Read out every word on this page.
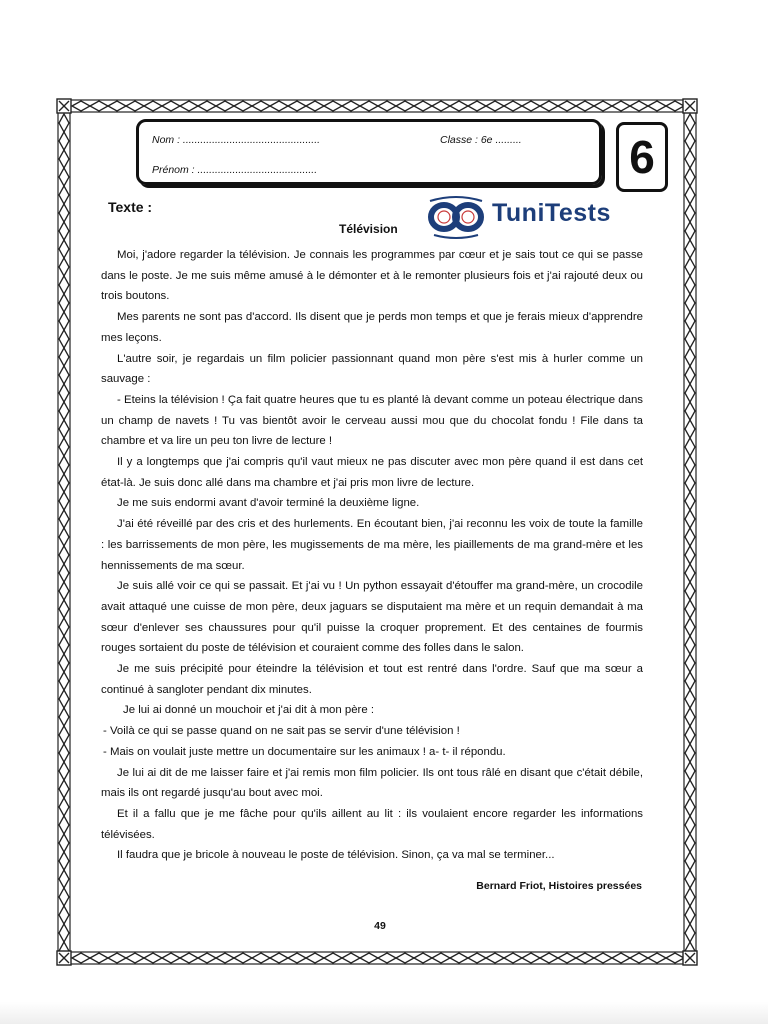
Nom : ...............................................	Classe : 6e .........
Prénom : .........................................	6
Texte :
Télévision
TuniTests

Moi, j'adore regarder la télévision. Je connais les programmes par cœur et je sais tout ce qui se passe dans le poste. Je me suis même amusé à le démonter et à le remonter plusieurs fois et j'ai rajouté deux ou trois boutons.

Mes parents ne sont pas d'accord. Ils disent que je perds mon temps et que je ferais mieux d'apprendre mes leçons.

L'autre soir, je regardais un film policier passionnant quand mon père s'est mis à hurler comme un sauvage :

- Eteins la télévision ! Ça fait quatre heures que tu es planté là devant comme un poteau électrique dans un champ de navets ! Tu vas bientôt avoir le cerveau aussi mou que du chocolat fondu ! File dans ta chambre et va lire un peu ton livre de lecture !

Il y a longtemps que j'ai compris qu'il vaut mieux ne pas discuter avec mon père quand il est dans cet état-là. Je suis donc allé dans ma chambre et j'ai pris mon livre de lecture.

Je me suis endormi avant d'avoir terminé la deuxième ligne.

J'ai été réveillé par des cris et des hurlements. En écoutant bien, j'ai reconnu les voix de toute la famille : les barrissements de mon père, les mugissements de ma mère, les piaillements de ma grand-mère et les hennissements de ma sœur.

Je suis allé voir ce qui se passait. Et j'ai vu ! Un python essayait d'étouffer ma grand-mère, un crocodile avait attaqué une cuisse de mon père, deux jaguars se disputaient ma mère et un requin demandait à ma sœur d'enlever ses chaussures pour qu'il puisse la croquer proprement. Et des centaines de fourmis rouges sortaient du poste de télévision et couraient comme des folles dans le salon.

Je me suis précipité pour éteindre la télévision et tout est rentré dans l'ordre. Sauf que ma sœur a continué à sangloter pendant dix minutes.

Je lui ai donné un mouchoir et j'ai dit à mon père :

- Voilà ce qui se passe quand on ne sait pas se servir d'une télévision !

- Mais on voulait juste mettre un documentaire sur les animaux ! a- t- il répondu.

Je lui ai dit de me laisser faire et j'ai remis mon film policier. Ils ont tous râlé en disant que c'était débile, mais ils ont regardé jusqu'au bout avec moi.

Et il a fallu que je me fâche pour qu'ils aillent au lit : ils voulaient encore regarder les informations télévisées.

Il faudra que je bricole à nouveau le poste de télévision. Sinon, ça va mal se terminer...

Bernard Friot, Histoires pressées
49
